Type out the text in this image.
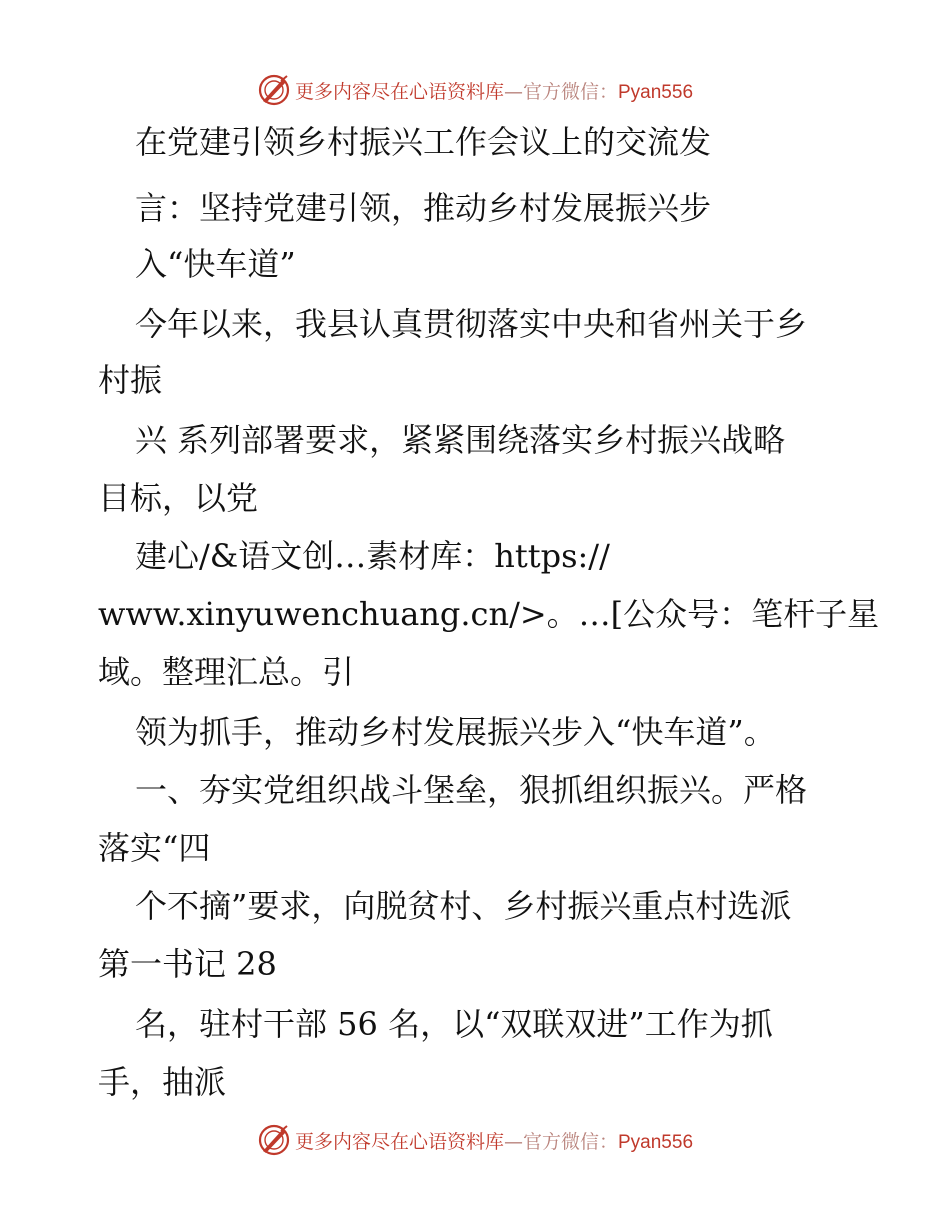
更多内容尽在心语资料库—官方微信：Pyan556
在党建引领乡村振兴工作会议上的交流发
言：坚持党建引领，推动乡村发展振兴步
入“快车道”
今年以来，我县认真贯彻落实中央和省州关于乡
村振
兴 系列部署要求，紧紧围绕落实乡村振兴战略
目标，以党
建心/&语文创…素材库：https://
www.xinyuwenchuang.cn/>。…[公众号：笔杆子星
域。整理汇总。引
领为抓手，推动乡村发展振兴步入“快车道”。
一、夯实党组织战斗堡垒，狠抓组织振兴。严格
落实“四
个不摘”要求，向脱贫村、乡村振兴重点村选派
第一书记 28
名，驻村干部 56 名，以“双联双进”工作为抓
手，抽派
更多内容尽在心语资料库—官方微信：Pyan556
